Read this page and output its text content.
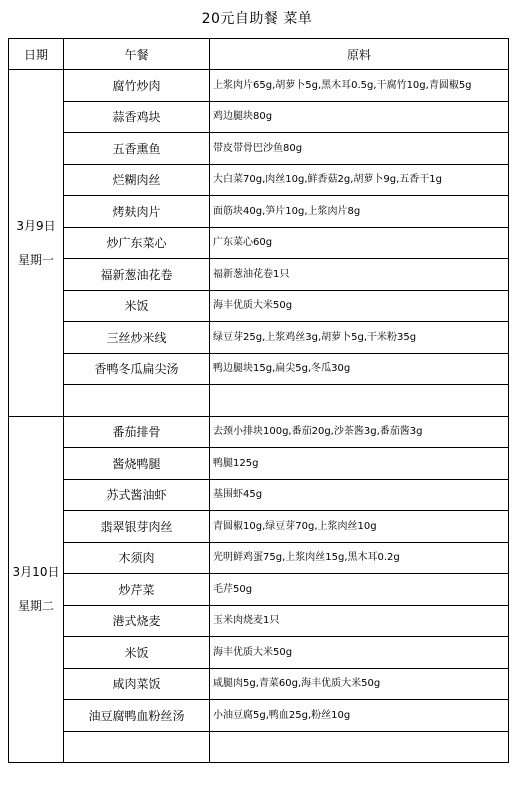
20元自助餐 菜单
日期	午餐	原料

3月9日
星期一	腐竹炒肉	上浆肉片65g,胡萝卜5g,黑木耳0.5g,干腐竹10g,青圆椒5g
	蒜香鸡块	鸡边腿块80g
	五香熏鱼	带皮带骨巴沙鱼80g
	烂糊肉丝	大白菜70g,肉丝10g,鲜香菇2g,胡萝卜9g,五香干1g
	烤麸肉片	面筋块40g,笋片10g,上浆肉片8g
	炒广东菜心	广东菜心60g
	福新葱油花卷	福新葱油花卷1只
	米饭	海丰优质大米50g
	三丝炒米线	绿豆芽25g,上浆鸡丝3g,胡萝卜5g,干米粉35g
	香鸭冬瓜扁尖汤	鸭边腿块15g,扁尖5g,冬瓜30g

3月10日
星期二	番茄排骨	去颈小排块100g,番茄20g,沙茶酱3g,番茄酱3g
	酱烧鸭腿	鸭腿125g
	苏式酱油虾	基围虾45g
	翡翠银芽肉丝	青圆椒10g,绿豆芽70g,上浆肉丝10g
	木须肉	光明鲜鸡蛋75g,上浆肉丝15g,黑木耳0.2g
	炒芹菜	毛芹50g
	港式烧麦	玉米肉烧麦1只
	米饭	海丰优质大米50g
	咸肉菜饭	咸腿肉5g,青菜60g,海丰优质大米50g
	油豆腐鸭血粉丝汤	小油豆腐5g,鸭血25g,粉丝10g
